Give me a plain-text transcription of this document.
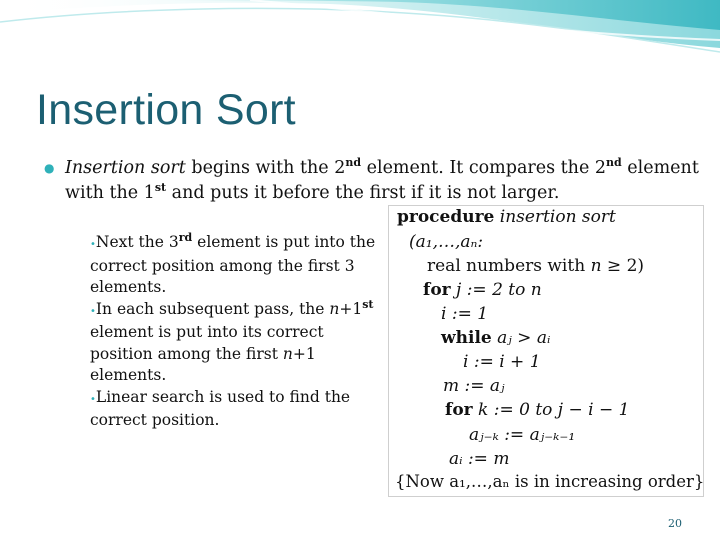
Insertion Sort
● Insertion sort begins with the 2nd element. It compares the 2nd element
with the 1st and puts it before the first if it is not larger.
•Next the 3rd element is put into the correct position among the first 3 elements.
•In each subsequent pass, the n+1st element is put into its correct position among the first n+1 elements.
•Linear search is used to find the correct position.
procedure insertion sort
(a₁,…,aₙ:
real numbers with n ≥ 2)
for j := 2 to n
i := 1
while aⱼ > aᵢ
i := i + 1
m := aⱼ
for k := 0 to j − i − 1
aⱼ₋ₖ := aⱼ₋ₖ₋₁
aᵢ := m
{Now a₁,…,aₙ is in increasing order}
20
